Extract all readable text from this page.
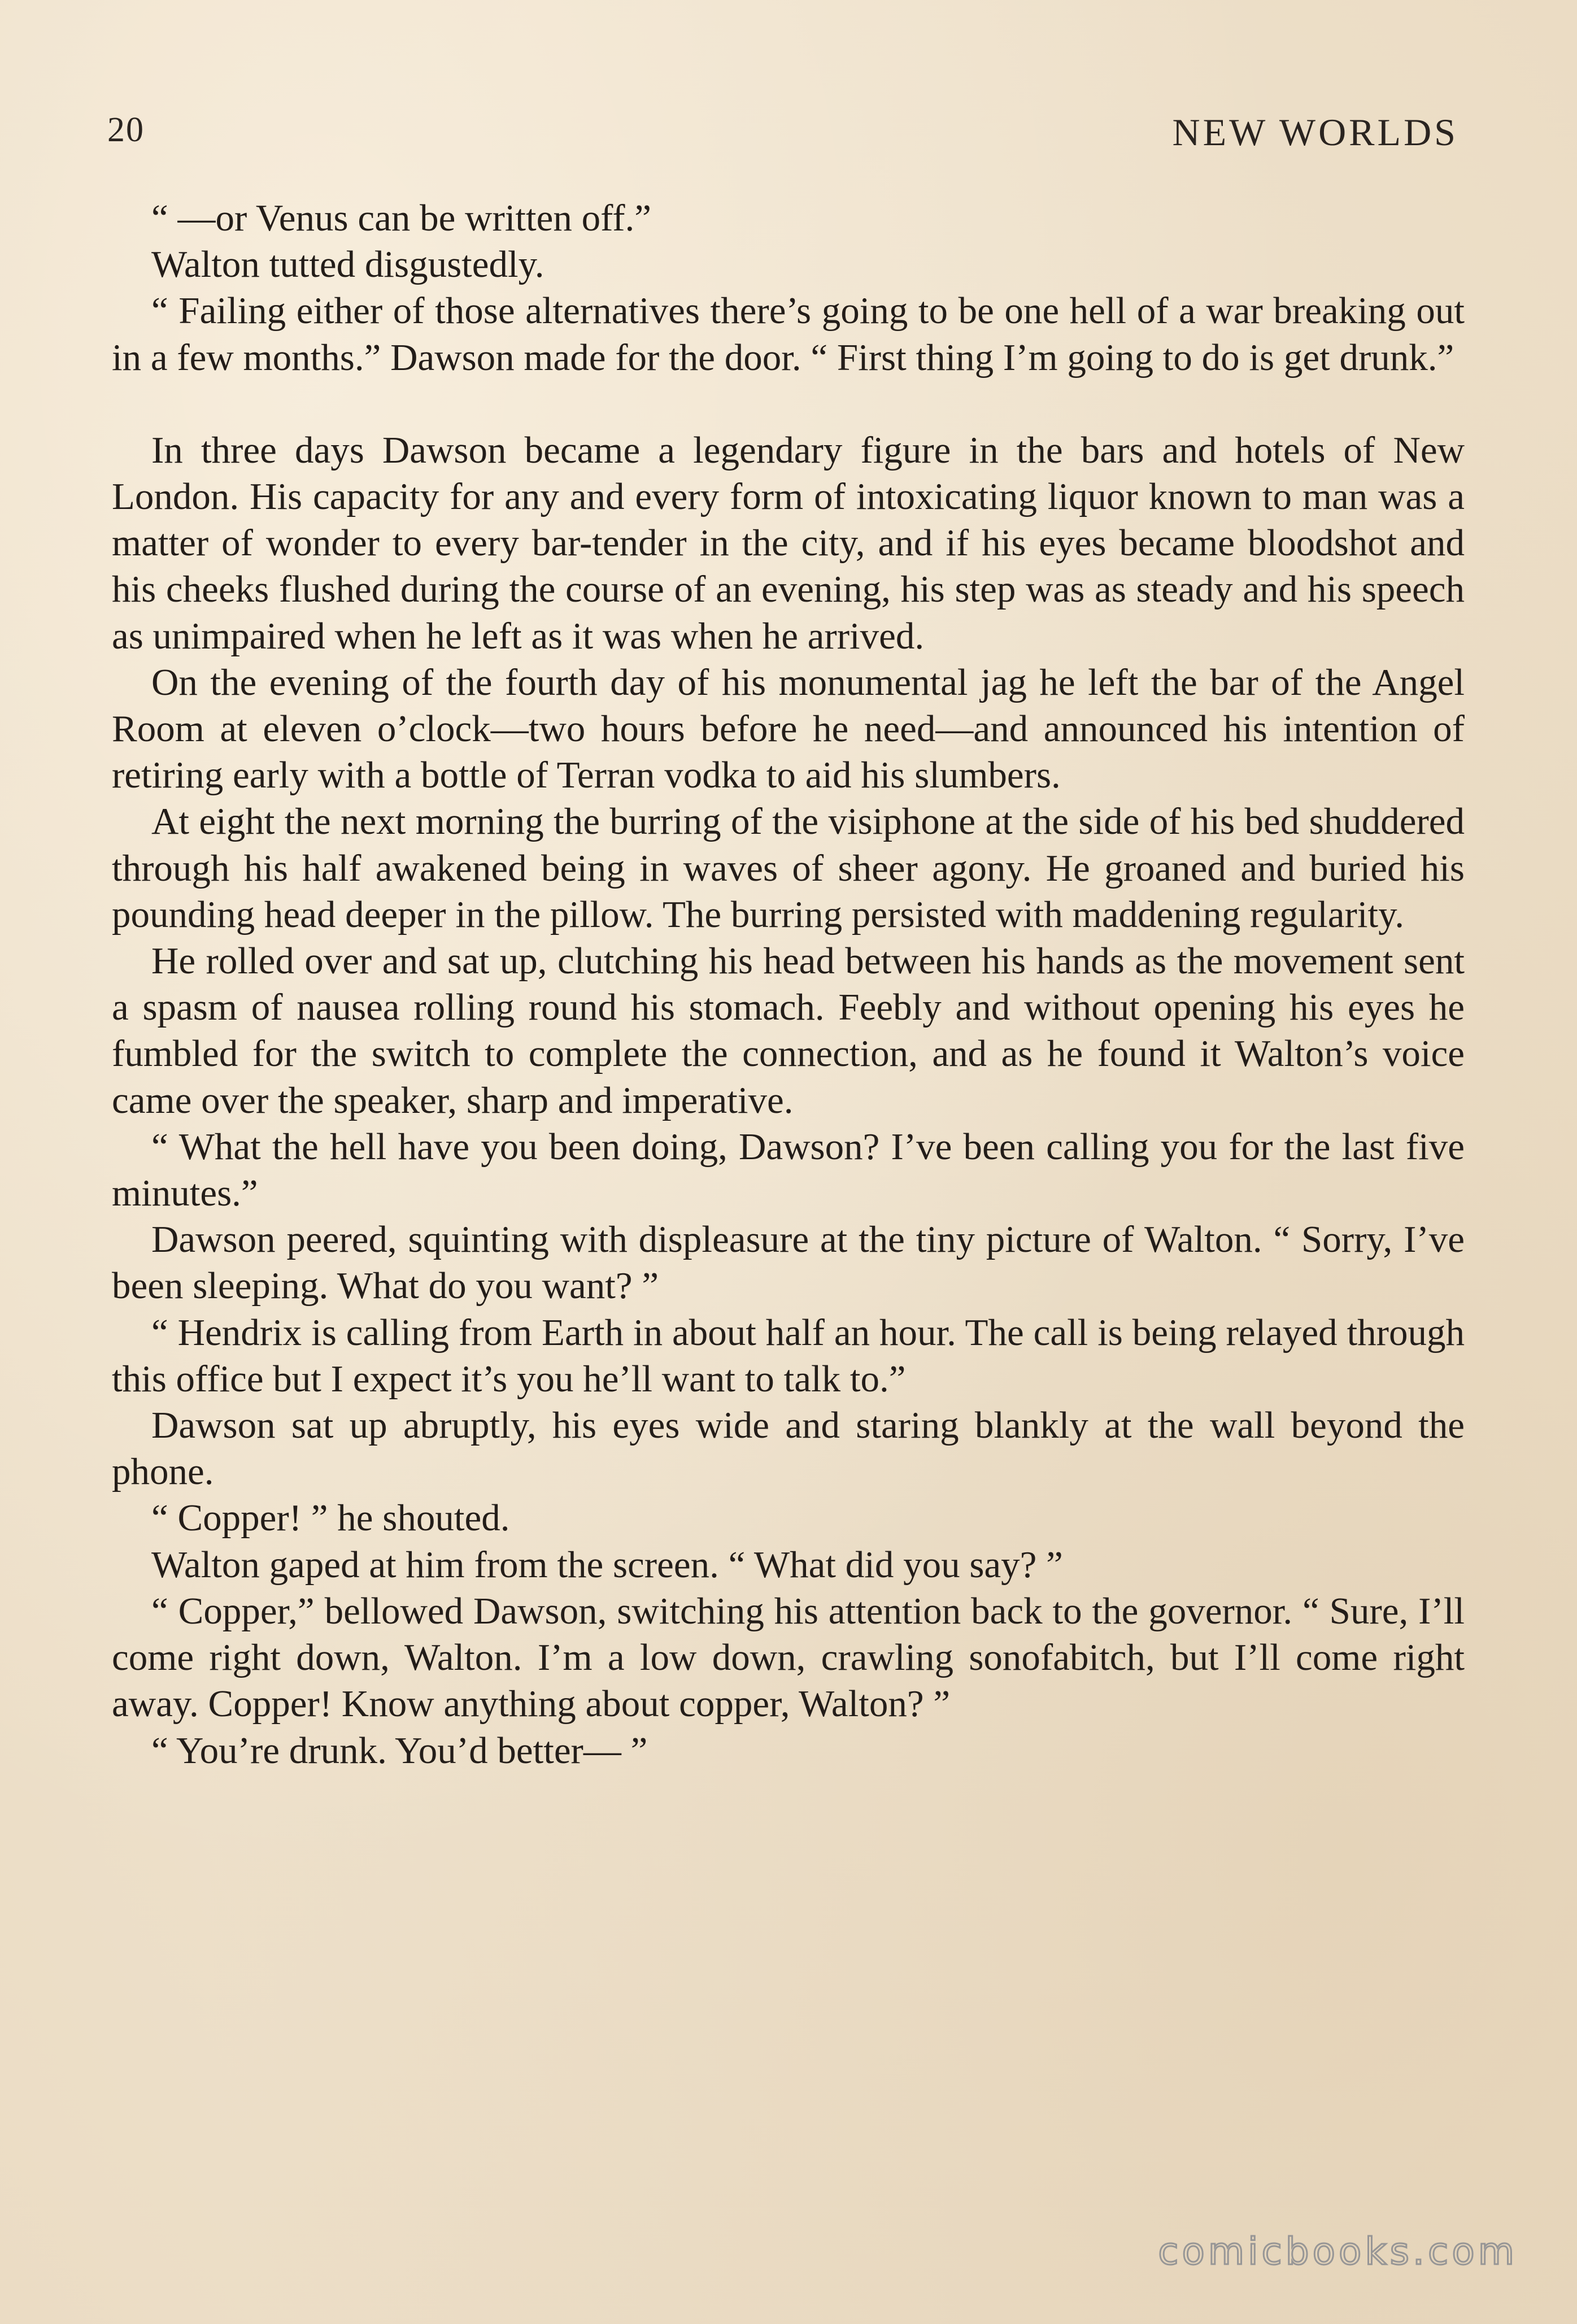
20	NEW WORLDS

“ —or Venus can be written off.”

Walton tutted disgustedly.

“ Failing either of those alternatives there’s going to be one hell of a war breaking out in a few months.” Dawson made for the door. “ First thing I’m going to do is get drunk.”

In three days Dawson became a legendary figure in the bars and hotels of New London. His capacity for any and every form of intoxicating liquor known to man was a matter of wonder to every bar-tender in the city, and if his eyes became bloodshot and his cheeks flushed during the course of an evening, his step was as steady and his speech as unimpaired when he left as it was when he arrived.

On the evening of the fourth day of his monumental jag he left the bar of the Angel Room at eleven o’clock—two hours before he need—and announced his intention of retiring early with a bottle of Terran vodka to aid his slumbers.

At eight the next morning the burring of the visiphone at the side of his bed shuddered through his half awakened being in waves of sheer agony. He groaned and buried his pounding head deeper in the pillow. The burring persisted with maddening regularity.

He rolled over and sat up, clutching his head between his hands as the movement sent a spasm of nausea rolling round his stomach. Feebly and without opening his eyes he fumbled for the switch to complete the connection, and as he found it Walton’s voice came over the speaker, sharp and imperative.

“ What the hell have you been doing, Dawson? I’ve been calling you for the last five minutes.”

Dawson peered, squinting with displeasure at the tiny picture of Walton. “ Sorry, I’ve been sleeping. What do you want? ”

“ Hendrix is calling from Earth in about half an hour. The call is being relayed through this office but I expect it’s you he’ll want to talk to.”

Dawson sat up abruptly, his eyes wide and staring blankly at the wall beyond the phone.

“ Copper! ” he shouted.

Walton gaped at him from the screen. “ What did you say? ”

“ Copper,” bellowed Dawson, switching his attention back to the governor. “ Sure, I’ll come right down, Walton. I’m a low down, crawling sonofabitch, but I’ll come right away. Copper! Know anything about copper, Walton? ”

“ You’re drunk. You’d better— ”

comicbooks.com
